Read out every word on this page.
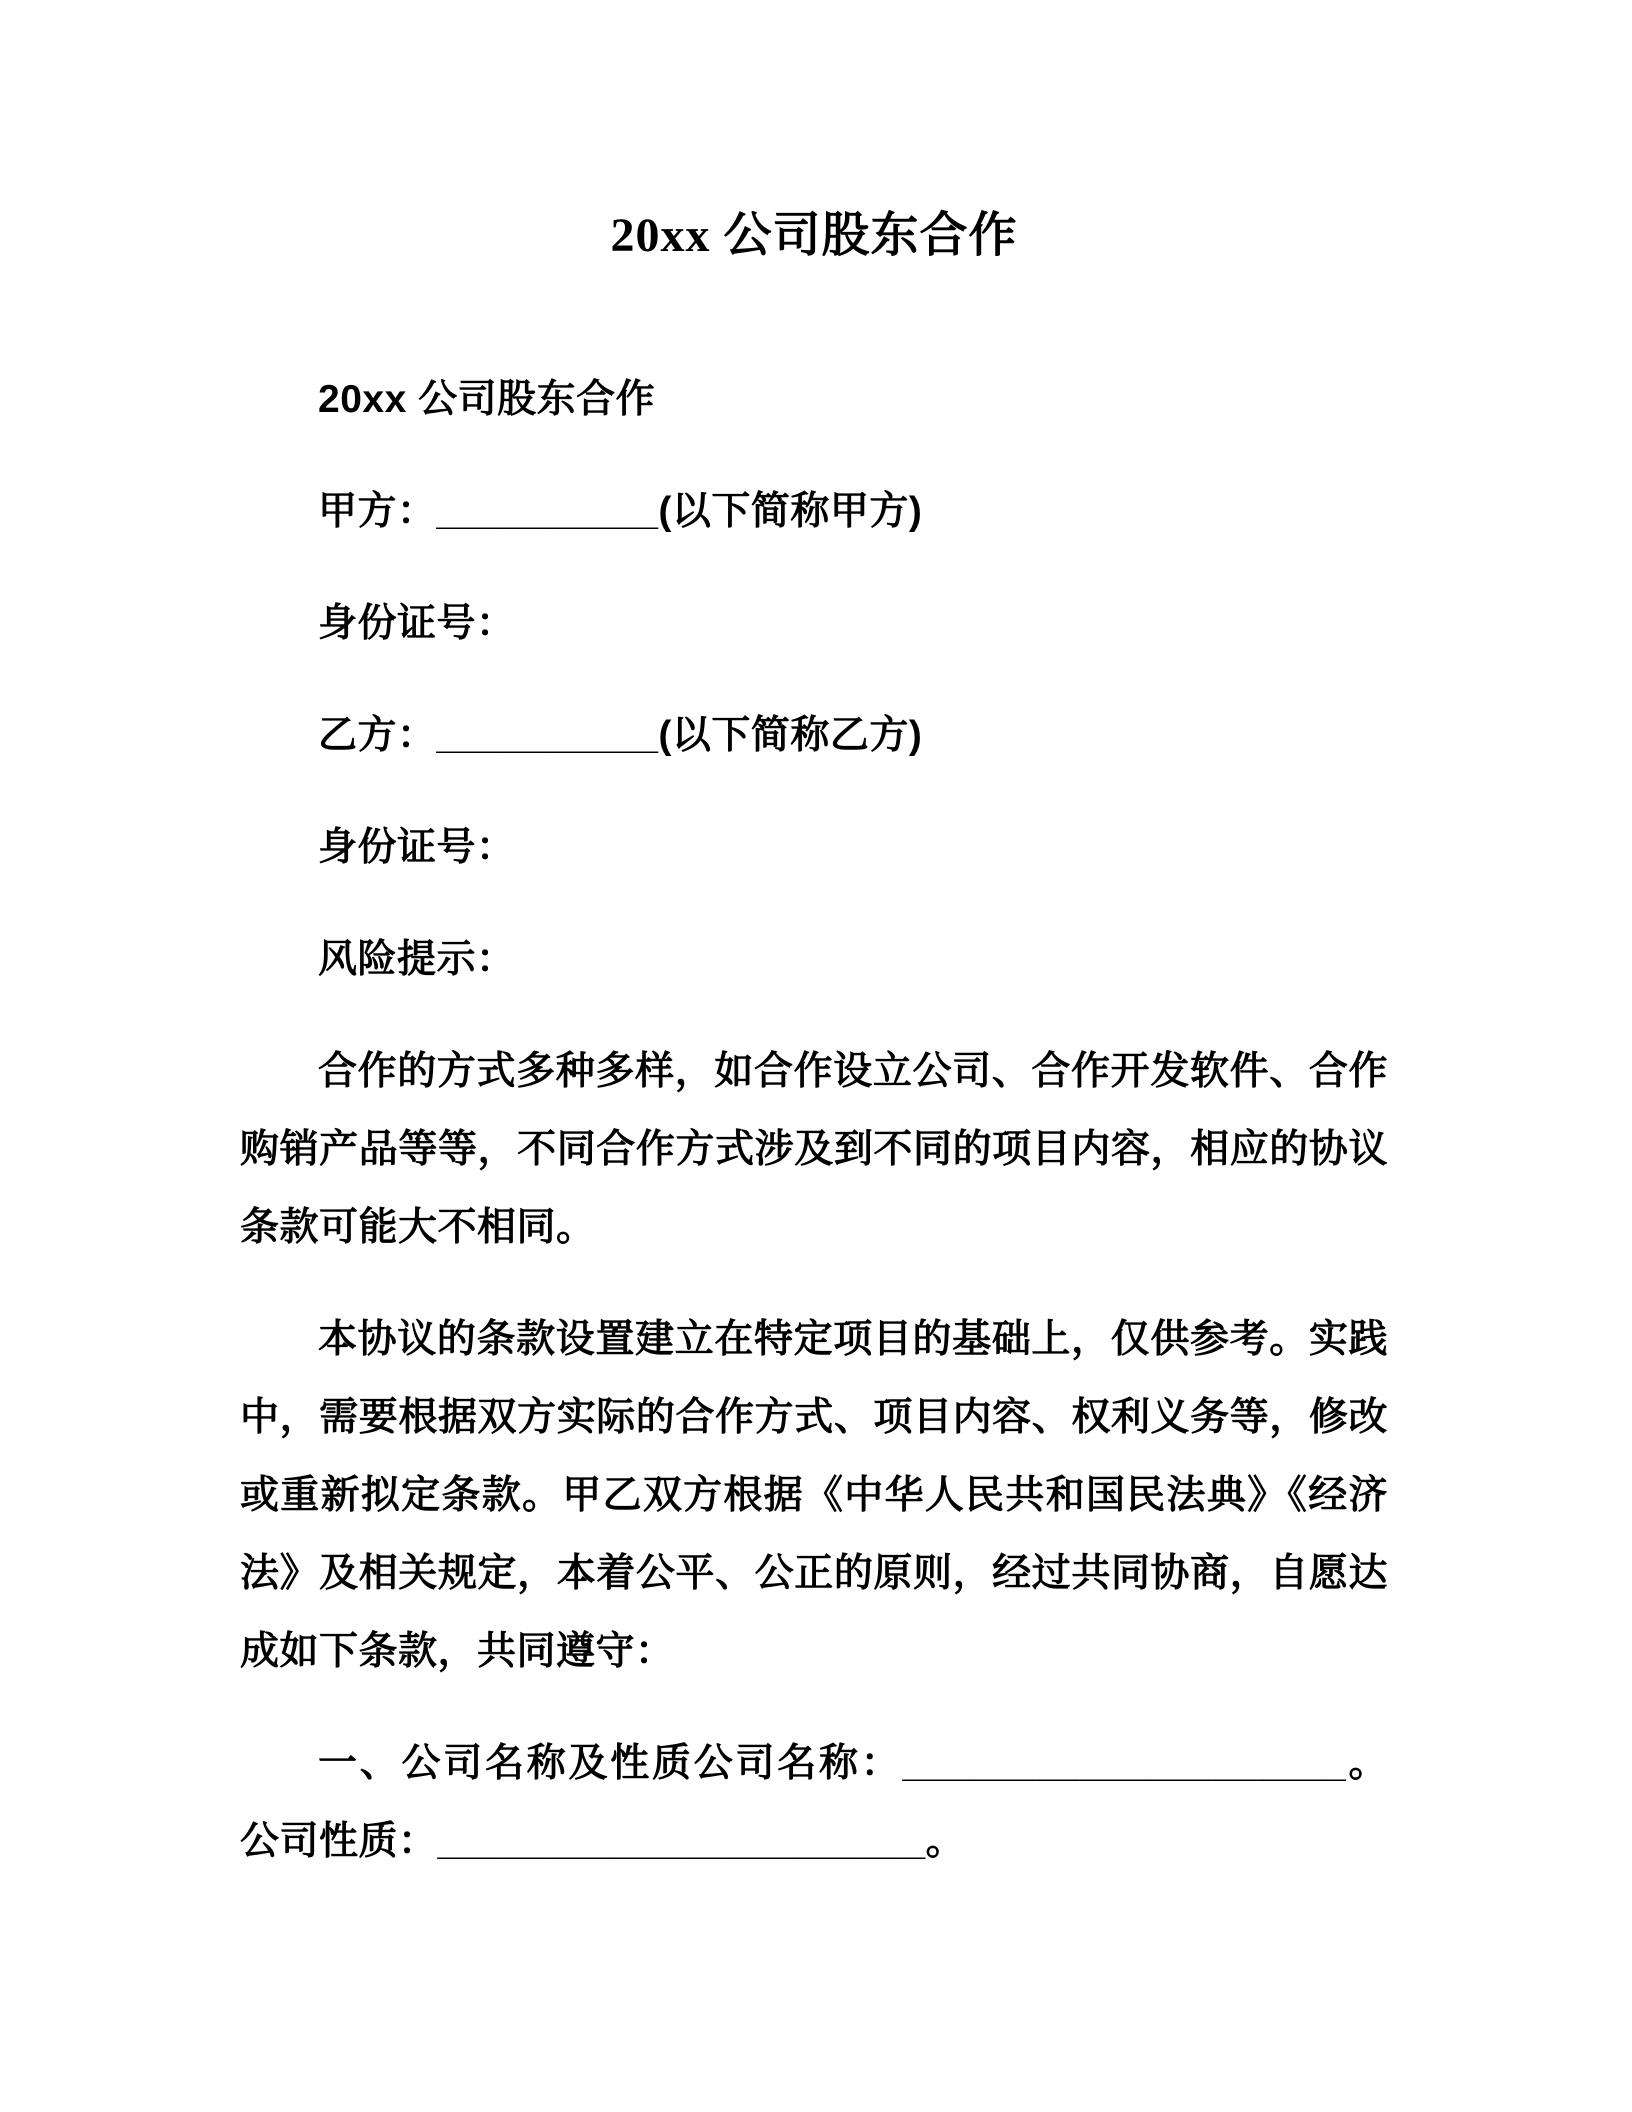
20xx 公司股东合作

20xx 公司股东合作

甲方：__________(以下简称甲方)

身份证号：

乙方：__________(以下简称乙方)

身份证号：

风险提示：

合作的方式多种多样，如合作设立公司、合作开发软件、合作购销产品等等，不同合作方式涉及到不同的项目内容，相应的协议条款可能大不相同。

本协议的条款设置建立在特定项目的基础上，仅供参考。实践中，需要根据双方实际的合作方式、项目内容、权利义务等，修改或重新拟定条款。甲乙双方根据《中华人民共和国民法典》《经济法》及相关规定，本着公平、公正的原则，经过共同协商，自愿达成如下条款，共同遵守：

一、公司名称及性质公司名称：____________________。公司性质：______________________。
